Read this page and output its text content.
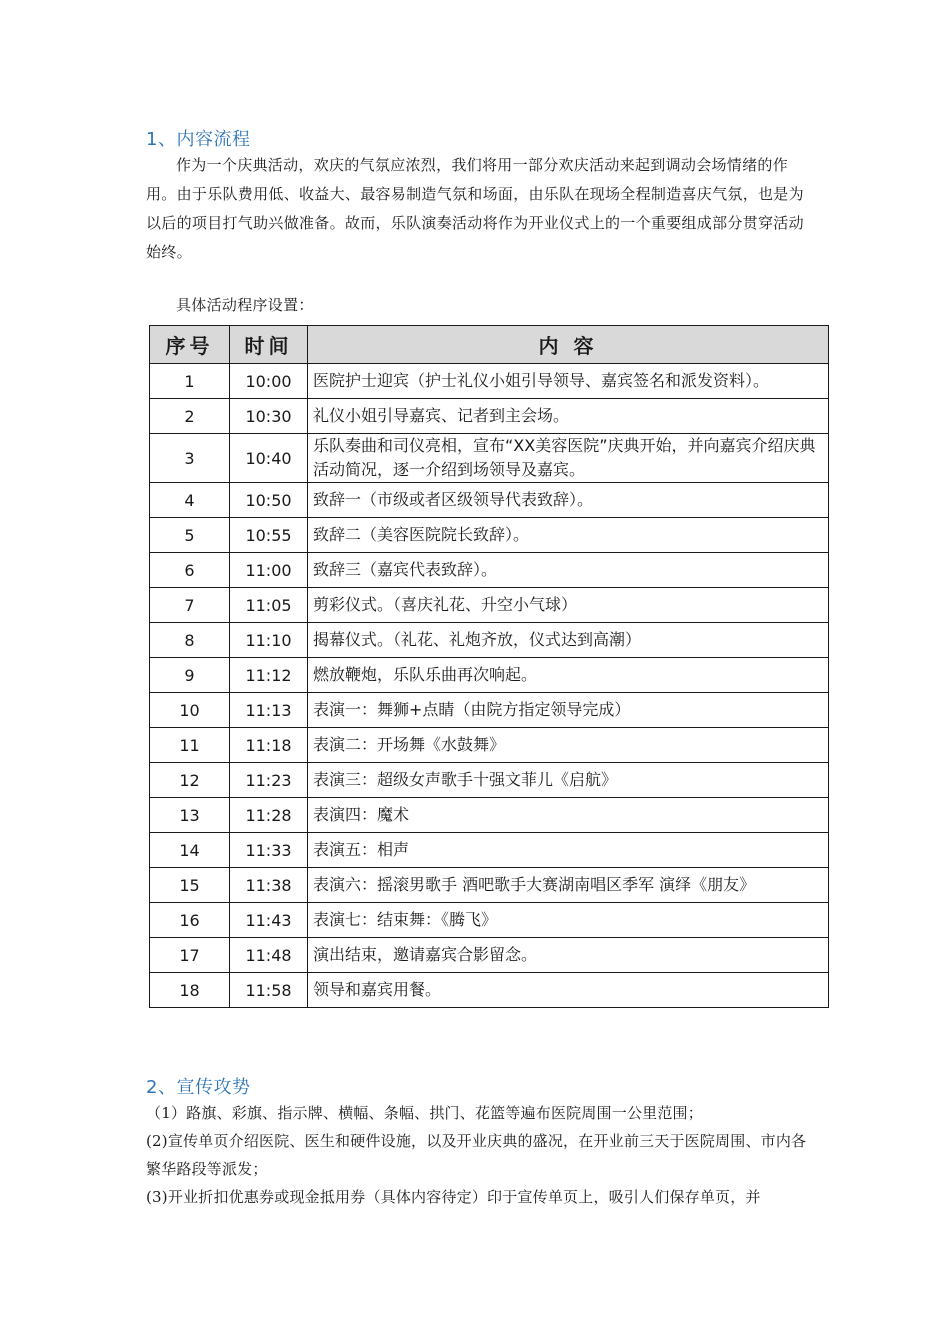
1、内容流程

作为一个庆典活动，欢庆的气氛应浓烈，我们将用一部分欢庆活动来起到调动会场情绪的作用。由于乐队费用低、收益大、最容易制造气氛和场面，由乐队在现场全程制造喜庆气氛，也是为以后的项目打气助兴做准备。故而，乐队演奏活动将作为开业仪式上的一个重要组成部分贯穿活动始终。

具体活动程序设置：

序号	时间	内 容
1	10:00	医院护士迎宾（护士礼仪小姐引导领导、嘉宾签名和派发资料）。
2	10:30	礼仪小姐引导嘉宾、记者到主会场。
3	10:40	乐队奏曲和司仪亮相，宣布“XX美容医院”庆典开始，并向嘉宾介绍庆典活动简况，逐一介绍到场领导及嘉宾。
4	10:50	致辞一（市级或者区级领导代表致辞）。
5	10:55	致辞二（美容医院院长致辞）。
6	11:00	致辞三（嘉宾代表致辞）。
7	11:05	剪彩仪式。（喜庆礼花、升空小气球）
8	11:10	揭幕仪式。（礼花、礼炮齐放，仪式达到高潮）
9	11:12	燃放鞭炮，乐队乐曲再次响起。
10	11:13	表演一：舞狮+点睛（由院方指定领导完成）
11	11:18	表演二：开场舞《水鼓舞》
12	11:23	表演三：超级女声歌手十强文菲儿《启航》
13	11:28	表演四：魔术
14	11:33	表演五：相声
15	11:38	表演六：摇滚男歌手 酒吧歌手大赛湖南唱区季军 演绎《朋友》
16	11:43	表演七：结束舞：《腾飞》
17	11:48	演出结束，邀请嘉宾合影留念。
18	11:58	领导和嘉宾用餐。
2、宣传攻势

（1）路旗、彩旗、指示牌、横幅、条幅、拱门、花篮等遍布医院周围一公里范围；

(2)宣传单页介绍医院、医生和硬件设施，以及开业庆典的盛况，在开业前三天于医院周围、市内各繁华路段等派发；

(3)开业折扣优惠券或现金抵用券（具体内容待定）印于宣传单页上，吸引人们保存单页，并
